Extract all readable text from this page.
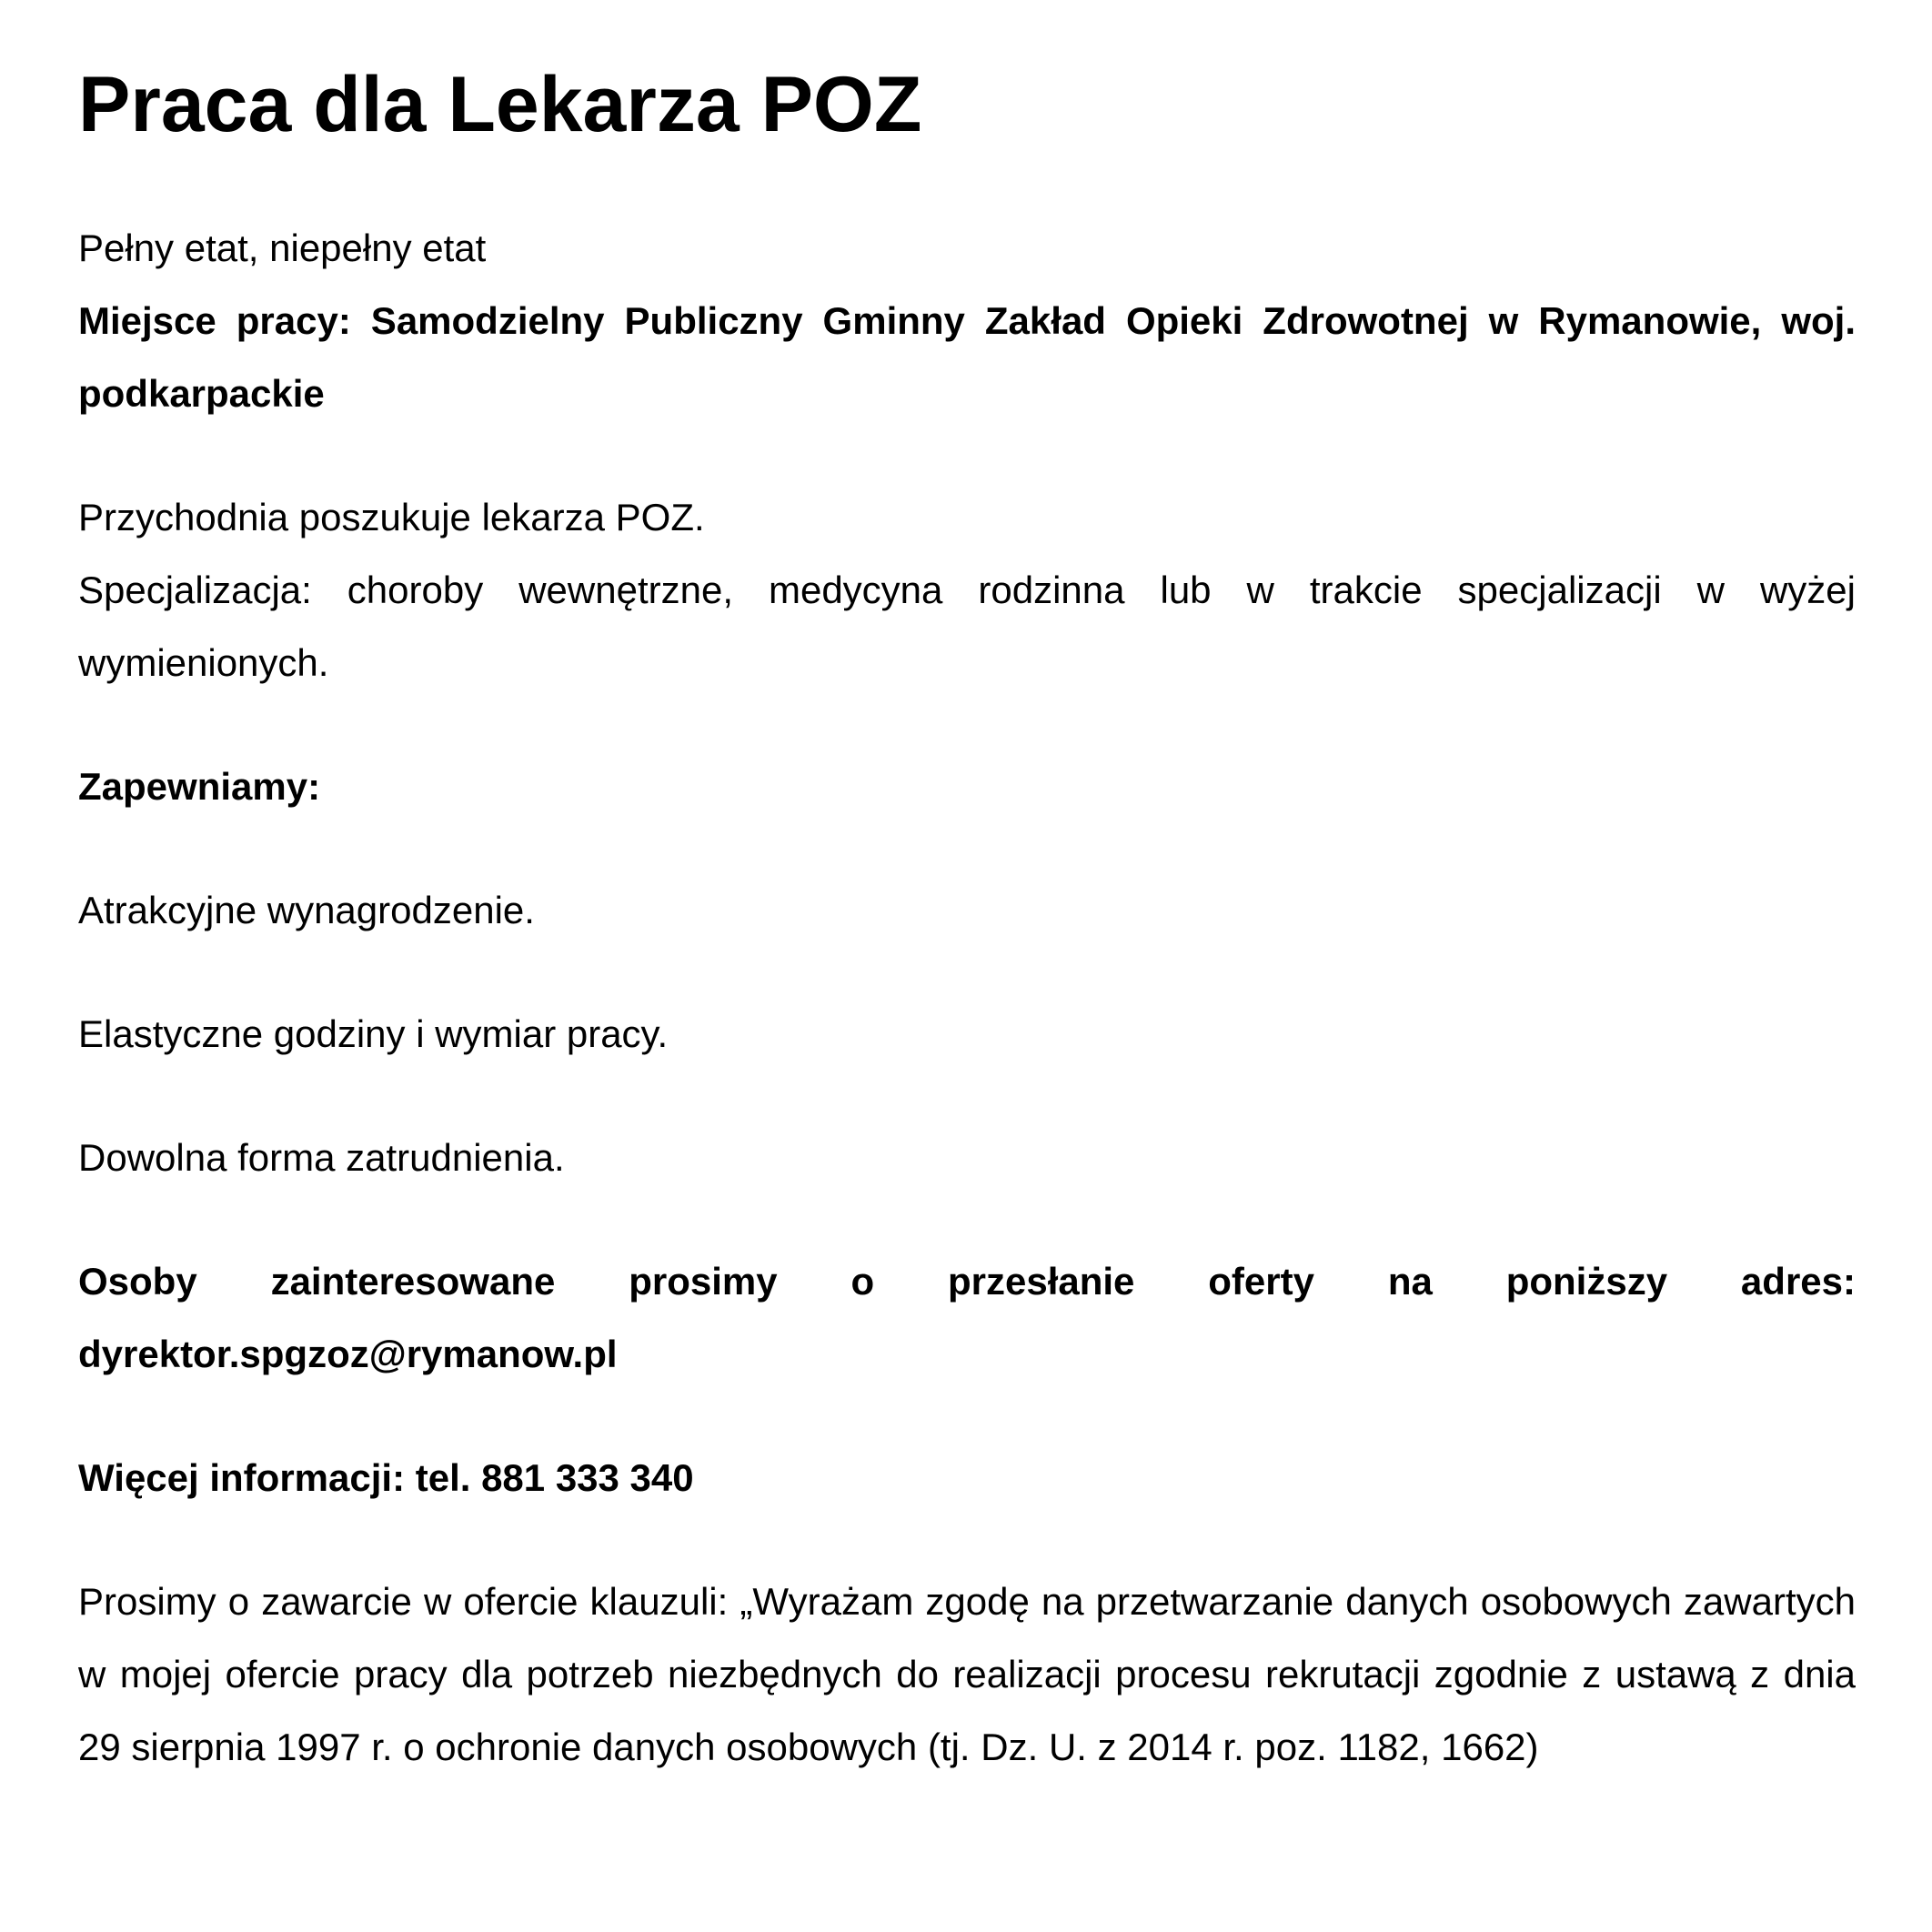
Praca dla Lekarza POZ

Pełny etat, niepełny etat

Miejsce pracy: Samodzielny Publiczny Gminny Zakład Opieki Zdrowotnej w Rymanowie, woj. podkarpackie

Przychodnia poszukuje lekarza POZ.

Specjalizacja: choroby wewnętrzne, medycyna rodzinna lub w trakcie specjalizacji w wyżej wymienionych.

Zapewniamy:

Atrakcyjne wynagrodzenie.

Elastyczne godziny i wymiar pracy.

Dowolna forma zatrudnienia.

Osoby zainteresowane prosimy o przesłanie oferty na poniższy adres: dyrektor.spgzoz@rymanow.pl

Więcej informacji: tel. 881 333 340

Prosimy o zawarcie w ofercie klauzuli: „Wyrażam zgodę na przetwarzanie danych osobowych zawartych w mojej ofercie pracy dla potrzeb niezbędnych do realizacji procesu rekrutacji zgodnie z ustawą z dnia 29 sierpnia 1997 r. o ochronie danych osobowych (tj. Dz. U. z 2014 r. poz. 1182, 1662)
